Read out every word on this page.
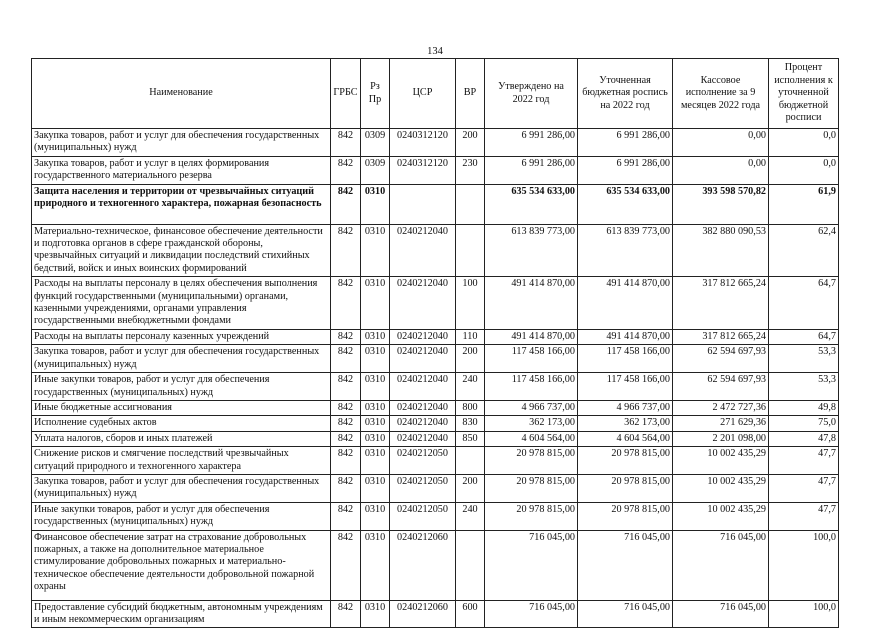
134
Наименование	ГРБС	Рз Пр	ЦСР	ВР	Утверждено на 2022 год	Уточненная бюджетная роспись на 2022 год	Кассовое исполнение за 9 месяцев 2022 года	Процент исполнения к уточненной бюджетной росписи
Закупка товаров, работ и услуг для обеспечения государственных (муниципальных) нужд	842	0309	0240312120	200	6 991 286,00	6 991 286,00	0,00	0,0
Закупка товаров, работ и услуг в целях формирования государственного материального резерва	842	0309	0240312120	230	6 991 286,00	6 991 286,00	0,00	0,0
Защита населения и территории от чрезвычайных ситуаций природного и техногенного характера, пожарная безопасность	842	0310			635 534 633,00	635 534 633,00	393 598 570,82	61,9
Материально-техническое, финансовое обеспечение деятельности и подготовка органов в сфере гражданской обороны, чрезвычайных ситуаций и ликвидации последствий стихийных бедствий, войск и иных воинских формирований	842	0310	0240212040		613 839 773,00	613 839 773,00	382 880 090,53	62,4
Расходы на выплаты персоналу в целях обеспечения выполнения функций государственными (муниципальными) органами, казенными учреждениями, органами управления государственными внебюджетными фондами	842	0310	0240212040	100	491 414 870,00	491 414 870,00	317 812 665,24	64,7
Расходы на выплаты персоналу казенных учреждений	842	0310	0240212040	110	491 414 870,00	491 414 870,00	317 812 665,24	64,7
Закупка товаров, работ и услуг для обеспечения государственных (муниципальных) нужд	842	0310	0240212040	200	117 458 166,00	117 458 166,00	62 594 697,93	53,3
Иные закупки товаров, работ и услуг для обеспечения государственных (муниципальных) нужд	842	0310	0240212040	240	117 458 166,00	117 458 166,00	62 594 697,93	53,3
Иные бюджетные ассигнования	842	0310	0240212040	800	4 966 737,00	4 966 737,00	2 472 727,36	49,8
Исполнение судебных актов	842	0310	0240212040	830	362 173,00	362 173,00	271 629,36	75,0
Уплата налогов, сборов и иных платежей	842	0310	0240212040	850	4 604 564,00	4 604 564,00	2 201 098,00	47,8
Снижение рисков и смягчение последствий чрезвычайных ситуаций природного и техногенного характера	842	0310	0240212050		20 978 815,00	20 978 815,00	10 002 435,29	47,7
Закупка товаров, работ и услуг для обеспечения государственных (муниципальных) нужд	842	0310	0240212050	200	20 978 815,00	20 978 815,00	10 002 435,29	47,7
Иные закупки товаров, работ и услуг для обеспечения государственных (муниципальных) нужд	842	0310	0240212050	240	20 978 815,00	20 978 815,00	10 002 435,29	47,7
Финансовое обеспечение затрат на страхование добровольных пожарных, а также на дополнительное материальное стимулирование добровольных пожарных и материально-техническое обеспечение деятельности добровольной пожарной охраны	842	0310	0240212060		716 045,00	716 045,00	716 045,00	100,0
Предоставление субсидий бюджетным, автономным учреждениям и иным некоммерческим организациям	842	0310	0240212060	600	716 045,00	716 045,00	716 045,00	100,0
